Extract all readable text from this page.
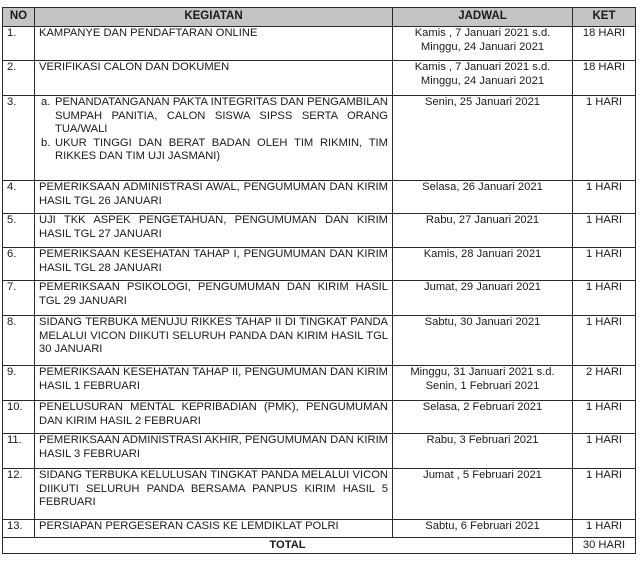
NO	KEGIATAN	JADWAL	KET
1.	KAMPANYE DAN PENDAFTARAN ONLINE	Kamis , 7 Januari 2021 s.d.
Minggu, 24 Januari 2021	18 HARI
2.	VERIFIKASI CALON DAN DOKUMEN	Kamis , 7 Januari 2021 s.d.
Minggu, 24 Januari 2021	18 HARI
3.	a. PENANDATANGANAN PAKTA INTEGRITAS DAN PENGAMBILAN SUMPAH PANITIA, CALON SISWA SIPSS SERTA ORANG TUA/WALI
b. UKUR TINGGI DAN BERAT BADAN OLEH TIM RIKMIN, TIM RIKKES DAN TIM UJI JASMANI)	Senin, 25 Januari 2021	1 HARI
4.	PEMERIKSAAN ADMINISTRASI AWAL, PENGUMUMAN DAN KIRIM HASIL TGL 26 JANUARI	Selasa, 26 Januari 2021	1 HARI
5.	UJI TKK ASPEK PENGETAHUAN, PENGUMUMAN DAN KIRIM HASIL TGL 27 JANUARI	Rabu, 27 Januari 2021	1 HARI
6.	PEMERIKSAAN KESEHATAN TAHAP I, PENGUMUMAN DAN KIRIM HASIL TGL 28 JANUARI	Kamis, 28 Januari 2021	1 HARI
7.	PEMERIKSAAN PSIKOLOGI, PENGUMUMAN DAN KIRIM HASIL TGL 29 JANUARI	Jumat, 29 Januari 2021	1 HARI
8.	SIDANG TERBUKA MENUJU RIKKES TAHAP II DI TINGKAT PANDA MELALUI VICON DIIKUTI SELURUH PANDA DAN KIRIM HASIL TGL 30 JANUARI	Sabtu, 30 Januari 2021	1 HARI
9.	PEMERIKSAAN KESEHATAN TAHAP II, PENGUMUMAN DAN KIRIM HASIL 1 FEBRUARI	Minggu, 31 Januari 2021 s.d.
Senin, 1 Februari 2021	2 HARI
10.	PENELUSURAN MENTAL KEPRIBADIAN (PMK), PENGUMUMAN DAN KIRIM HASIL 2 FEBRUARI	Selasa, 2 Februari 2021	1 HARI
11.	PEMERIKSAAN ADMINISTRASI AKHIR, PENGUMUMAN DAN KIRIM HASIL 3 FEBRUARI	Rabu, 3 Februari 2021	1 HARI
12.	SIDANG TERBUKA KELULUSAN TINGKAT PANDA MELALUI VICON DIIKUTI SELURUH PANDA BERSAMA PANPUS KIRIM HASIL 5 FEBRUARI	Jumat , 5 Februari 2021	1 HARI
13.	PERSIAPAN PERGESERAN CASIS KE LEMDIKLAT POLRI	Sabtu, 6 Februari 2021	1 HARI
TOTAL			30 HARI
